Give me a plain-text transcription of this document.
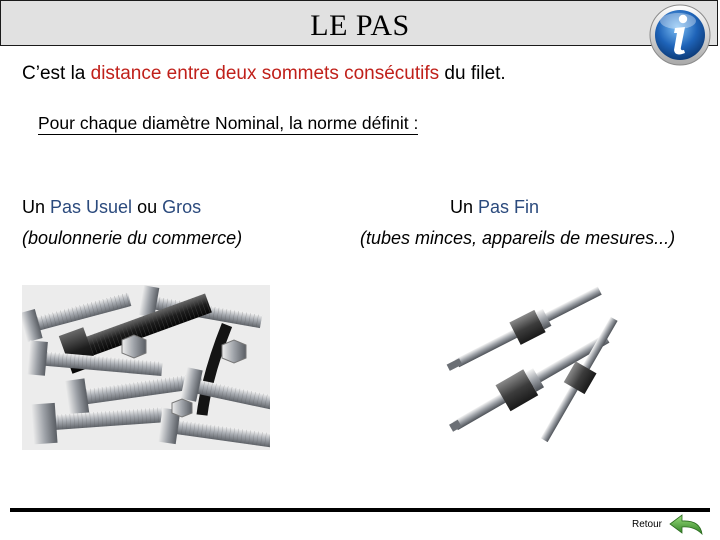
LE PAS
C’est la distance entre deux sommets consécutifs du filet.
Pour chaque diamètre Nominal, la norme définit :
Un Pas Usuel ou Gros
(boulonnerie du commerce)
Un Pas Fin
(tubes minces, appareils de mesures...)
Retour
